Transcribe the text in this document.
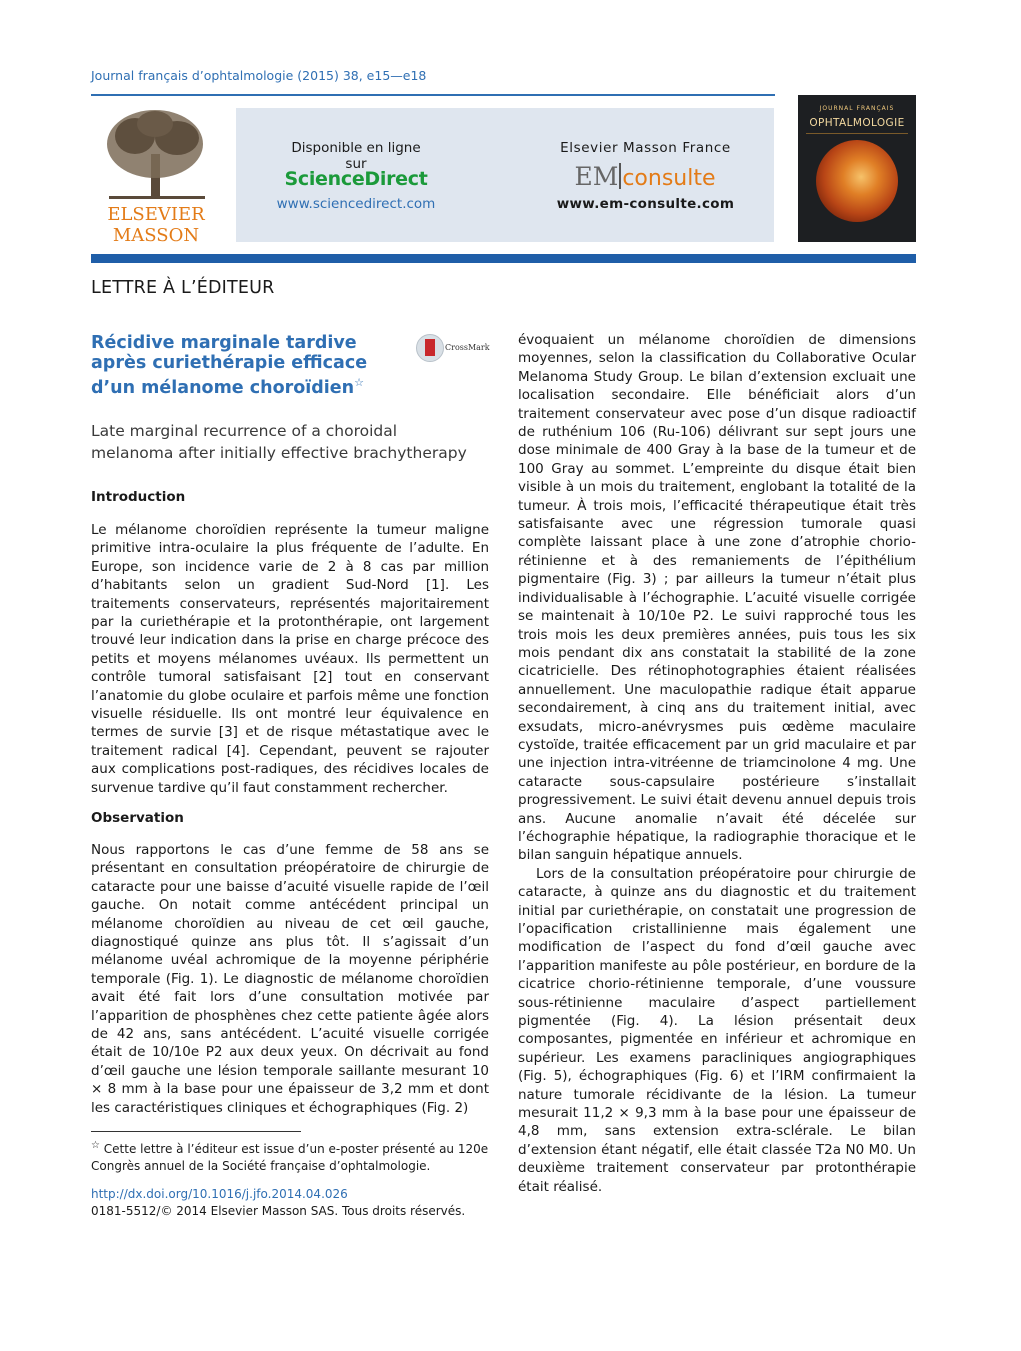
Journal français d’ophtalmologie (2015) 38, e15—e18
ELSEVIER
MASSON
Disponible en ligne sur
ScienceDirect
www.sciencedirect.com
Elsevier Masson France
EM consulte
www.em-consulte.com
JOURNAL FRANÇAIS
OPHTALMOLOGIE
LETTRE À L’ÉDITEUR
Récidive marginale tardive après curiethérapie efficace d’un mélanome choroïdien☆
CrossMark
Late marginal recurrence of a choroidal melanoma after initially effective brachytherapy
Introduction

Le mélanome choroïdien représente la tumeur maligne primitive intra-oculaire la plus fréquente de l’adulte. En Europe, son incidence varie de 2 à 8 cas par million d’habitants selon un gradient Sud-Nord [1]. Les traitements conservateurs, représentés majoritairement par la curiethérapie et la protonthérapie, ont largement trouvé leur indication dans la prise en charge précoce des petits et moyens mélanomes uvéaux. Ils permettent un contrôle tumoral satisfaisant [2] tout en conservant l’anatomie du globe oculaire et parfois même une fonction visuelle résiduelle. Ils ont montré leur équivalence en termes de survie [3] et de risque métastatique avec le traitement radical [4]. Cependant, peuvent se rajouter aux complications post-radiques, des récidives locales de survenue tardive qu’il faut constamment rechercher.

Observation

Nous rapportons le cas d’une femme de 58 ans se présentant en consultation préopératoire de chirurgie de cataracte pour une baisse d’acuité visuelle rapide de l’œil gauche. On notait comme antécédent principal un mélanome choroïdien au niveau de cet œil gauche, diagnostiqué quinze ans plus tôt. Il s’agissait d’un mélanome uvéal achromique de la moyenne périphérie temporale (Fig. 1). Le diagnostic de mélanome choroïdien avait été fait lors d’une consultation motivée par l’apparition de phosphènes chez cette patiente âgée alors de 42 ans, sans antécédent. L’acuité visuelle corrigée était de 10/10e P2 aux deux yeux. On décrivait au fond d’œil gauche une lésion temporale saillante mesurant 10 × 8 mm à la base pour une épaisseur de 3,2 mm et dont les caractéristiques cliniques et échographiques (Fig. 2)

☆ Cette lettre à l’éditeur est issue d’un e-poster présenté au 120e Congrès annuel de la Société française d’ophtalmologie.
http://dx.doi.org/10.1016/j.jfo.2014.04.026
0181-5512/© 2014 Elsevier Masson SAS. Tous droits réservés.

évoquaient un mélanome choroïdien de dimensions moyennes, selon la classification du Collaborative Ocular Melanoma Study Group. Le bilan d’extension excluait une localisation secondaire. Elle bénéficiait alors d’un traitement conservateur avec pose d’un disque radioactif de ruthénium 106 (Ru-106) délivrant sur sept jours une dose minimale de 400 Gray à la base de la tumeur et de 100 Gray au sommet. L’empreinte du disque était bien visible à un mois du traitement, englobant la totalité de la tumeur. À trois mois, l’efficacité thérapeutique était très satisfaisante avec une régression tumorale quasi complète laissant place à une zone d’atrophie chorio-rétinienne et à des remaniements de l’épithélium pigmentaire (Fig. 3) ; par ailleurs la tumeur n’était plus individualisable à l’échographie. L’acuité visuelle corrigée se maintenait à 10/10e P2. Le suivi rapproché tous les trois mois les deux premières années, puis tous les six mois pendant dix ans constatait la stabilité de la zone cicatricielle. Des rétinophotographies étaient réalisées annuellement. Une maculopathie radique était apparue secondairement, à cinq ans du traitement initial, avec exsudats, micro-anévrysmes puis œdème maculaire cystoïde, traitée efficacement par un grid maculaire et par une injection intra-vitréenne de triamcinolone 4 mg. Une cataracte sous-capsulaire postérieure s’installait progressivement. Le suivi était devenu annuel depuis trois ans. Aucune anomalie n’avait été décelée sur l’échographie hépatique, la radiographie thoracique et le bilan sanguin hépatique annuels.

Lors de la consultation préopératoire pour chirurgie de cataracte, à quinze ans du diagnostic et du traitement initial par curiethérapie, on constatait une progression de l’opacification cristallinienne mais également une modification de l’aspect du fond d’œil gauche avec l’apparition manifeste au pôle postérieur, en bordure de la cicatrice chorio-rétinienne temporale, d’une voussure sous-rétinienne maculaire d’aspect partiellement pigmentée (Fig. 4). La lésion présentait deux composantes, pigmentée en inférieur et achromique en supérieur. Les examens paracliniques angiographiques (Fig. 5), échographiques (Fig. 6) et l’IRM confirmaient la nature tumorale récidivante de la lésion. La tumeur mesurait 11,2 × 9,3 mm à la base pour une épaisseur de 4,8 mm, sans extension extra-sclérale. Le bilan d’extension étant négatif, elle était classée T2a N0 M0. Un deuxième traitement conservateur par protonthérapie était réalisé.
